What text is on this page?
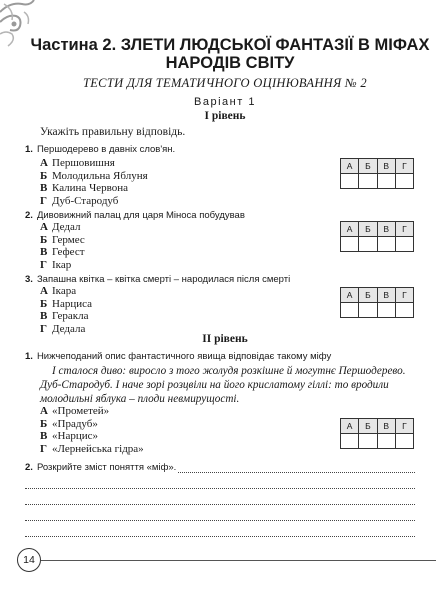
Частина 2. ЗЛЕТИ ЛЮДСЬКОЇ ФАНТАЗІЇ В МІФАХ НАРОДІВ СВІТУ
ТЕСТИ ДЛЯ ТЕМАТИЧНОГО ОЦІНЮВАННЯ № 2
Варіант 1
I рівень
Укажіть правильну відповідь.
1. Першодерево в давніх слов'ян.
А Першовишня
Б Молодильна Яблуня
В Калина Червона
Г Дуб-Стародуб
А	Б	В	Г

2. Дивовижний палац для царя Міноса побудував
А Дедал
Б Гермес
В Гефест
Г Ікар
А	Б	В	Г

3. Запашна квітка – квітка смерті – народилася після смерті
А Ікара
Б Нарциса
В Геракла
Г Дедала
А	Б	В	Г

II рівень
1. Нижчеподаний опис фантастичного явища відповідає такому міфу

І сталося диво: виросло з того жолудя розкішне й могутнє Першодерево. Дуб-Стародуб. І наче зорі розцвіли на його крислатому гіллі: то вродили молодильні яблука – плоди невмирущості.

А «Прометей»
Б «Прадуб»
В «Нарцис»
Г «Лернейська гідра»
А	Б	В	Г

2. Розкрийте зміст поняття «міф».
14
